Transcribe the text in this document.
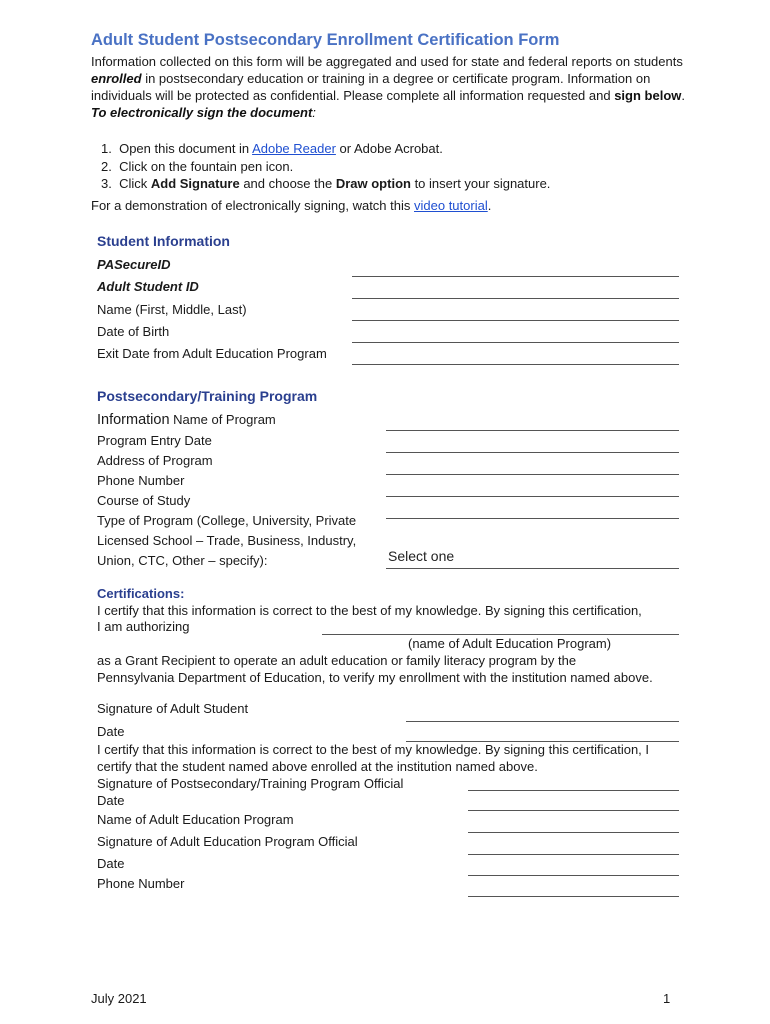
Adult Student Postsecondary Enrollment Certification Form
Information collected on this form will be aggregated and used for state and federal reports on students enrolled in postsecondary education or training in a degree or certificate program. Information on individuals will be protected as confidential. Please complete all information requested and sign below.
To electronically sign the document:
1. Open this document in Adobe Reader or Adobe Acrobat.
2. Click on the fountain pen icon.
3. Click Add Signature and choose the Draw option to insert your signature.
For a demonstration of electronically signing, watch this video tutorial.
Student Information
PASecureID
Adult Student ID
Name (First, Middle, Last)
Date of Birth
Exit Date from Adult Education Program
Postsecondary/Training Program
Information Name of Program
Program Entry Date
Address of Program
Phone Number
Course of Study
Type of Program (College, University, Private
Licensed School – Trade, Business, Industry,
Union, CTC, Other – specify):	Select one
Certifications:
I certify that this information is correct to the best of my knowledge. By signing this certification,
I am authorizing
(name of Adult Education Program)
as a Grant Recipient to operate an adult education or family literacy program by the Pennsylvania Department of Education, to verify my enrollment with the institution named above.
Signature of Adult Student
Date
I certify that this information is correct to the best of my knowledge. By signing this certification, I certify that the student named above enrolled at the institution named above.
Signature of Postsecondary/Training Program Official
Date
Name of Adult Education Program
Signature of Adult Education Program Official
Date
Phone Number
July 2021	1
